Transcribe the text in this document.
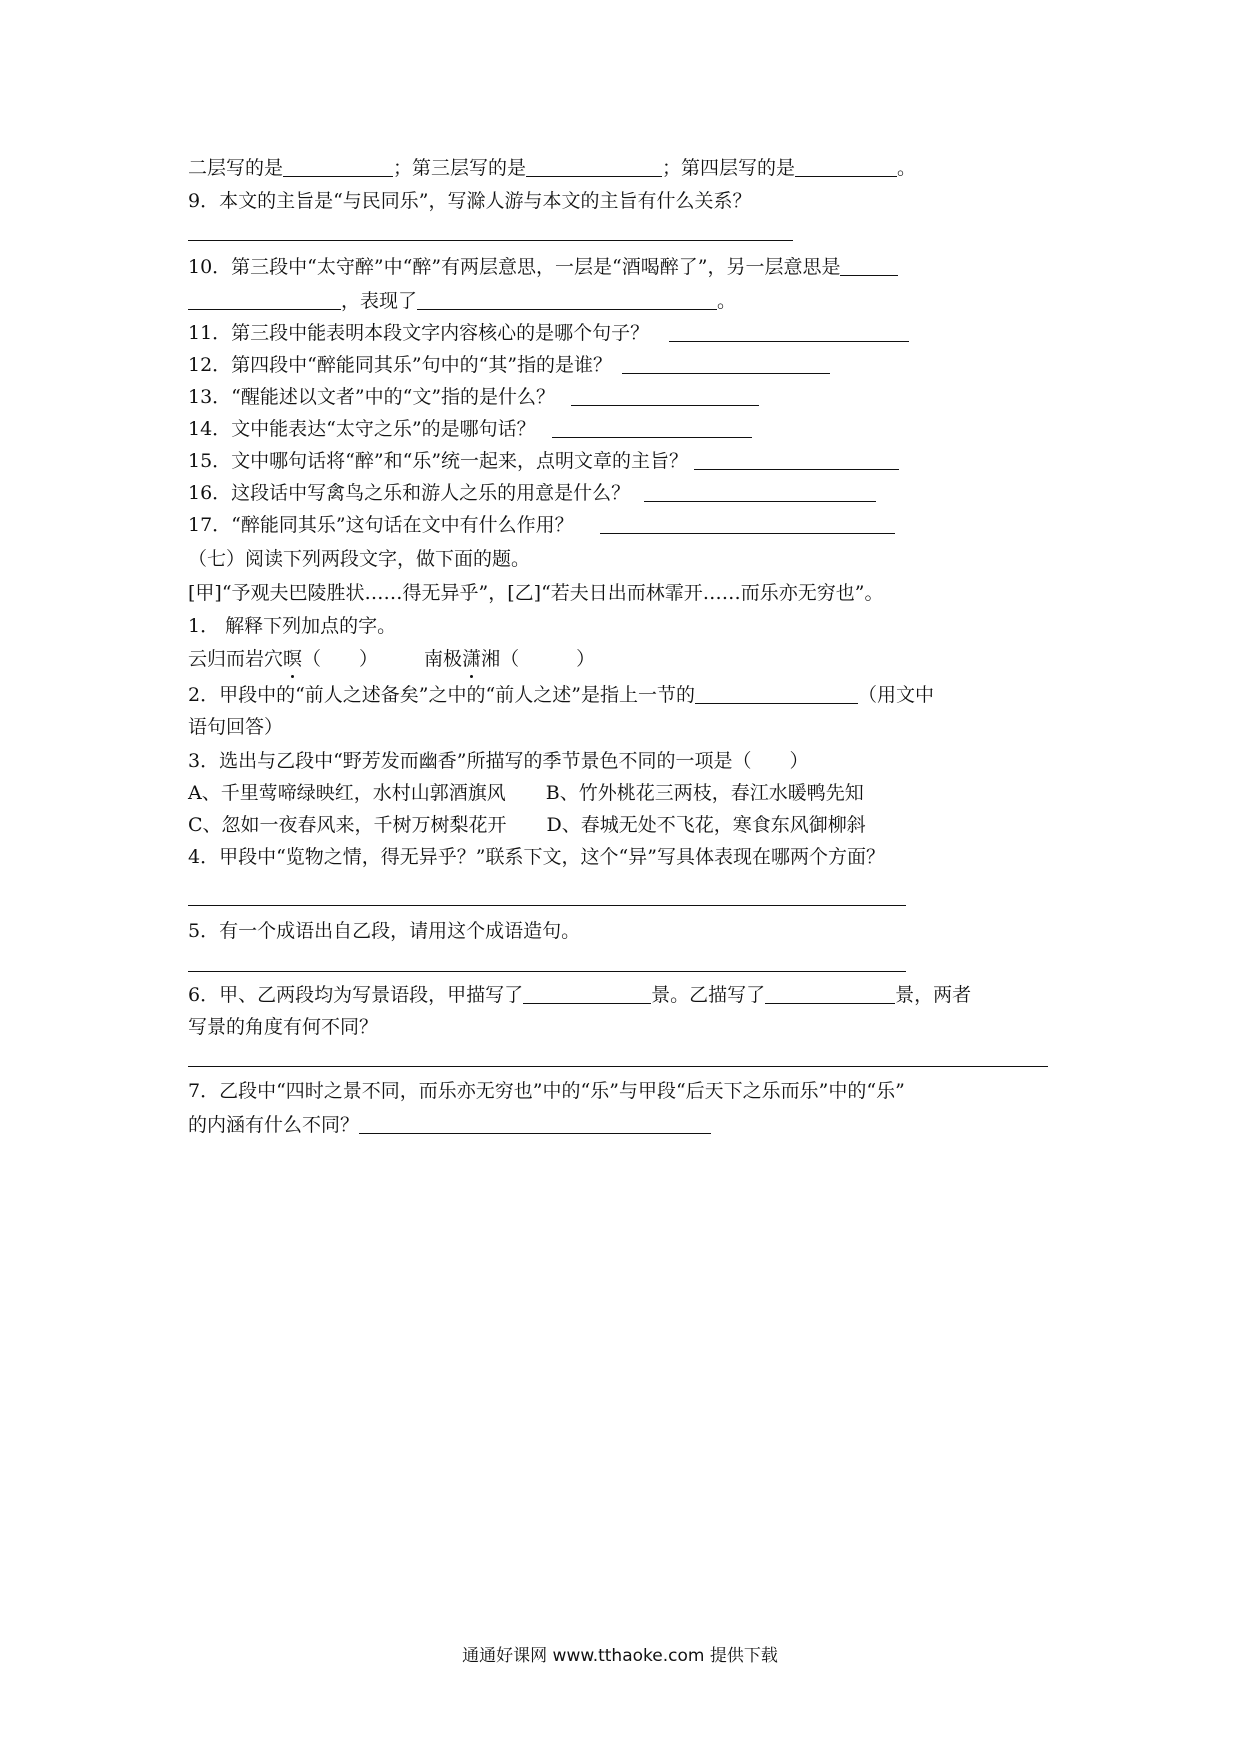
二层写的是	；第三层写的是	；第四层写的是	。
9．本文的主旨是“与民同乐”，写滁人游与本文的主旨有什么关系？
10．第三段中“太守醉”中“醉”有两层意思，一层是“酒喝醉了”，另一层意思是
，表现了	。
11．第三段中能表明本段文字内容核心的是哪个句子？
12．第四段中“醉能同其乐”句中的“其”指的是谁？
13．“醒能述以文者”中的“文”指的是什么？
14．文中能表达“太守之乐”的是哪句话？
15．文中哪句话将“醉”和“乐”统一起来，点明文章的主旨？
16．这段话中写禽鸟之乐和游人之乐的用意是什么？
17．“醉能同其乐”这句话在文中有什么作用？
（七）阅读下列两段文字，做下面的题。
[甲]“予观夫巴陵胜状……得无异乎”，[乙]“若夫日出而林霏开……而乐亦无穷也”。
1． 解释下列加点的字。
云归而岩穴暝（　　） 南极潇湘（　　　）
2．甲段中的“前人之述备矣”之中的“前人之述”是指上一节的	（用文中
语句回答）
3．选出与乙段中“野芳发而幽香”所描写的季节景色不同的一项是（　　）
A、千里莺啼绿映红，水村山郭酒旗风 B、竹外桃花三两枝，春江水暖鸭先知
C、忽如一夜春风来，千树万树梨花开 D、春城无处不飞花，寒食东风御柳斜
4．甲段中“览物之情，得无异乎？”联系下文，这个“异”写具体表现在哪两个方面？
5．有一个成语出自乙段，请用这个成语造句。
6．甲、乙两段均为写景语段，甲描写了	景。乙描写了	景，两者
写景的角度有何不同？
7．乙段中“四时之景不同，而乐亦无穷也”中的“乐”与甲段“后天下之乐而乐”中的“乐”
的内涵有什么不同？
通通好课网 www.tthaoke.com 提供下载
